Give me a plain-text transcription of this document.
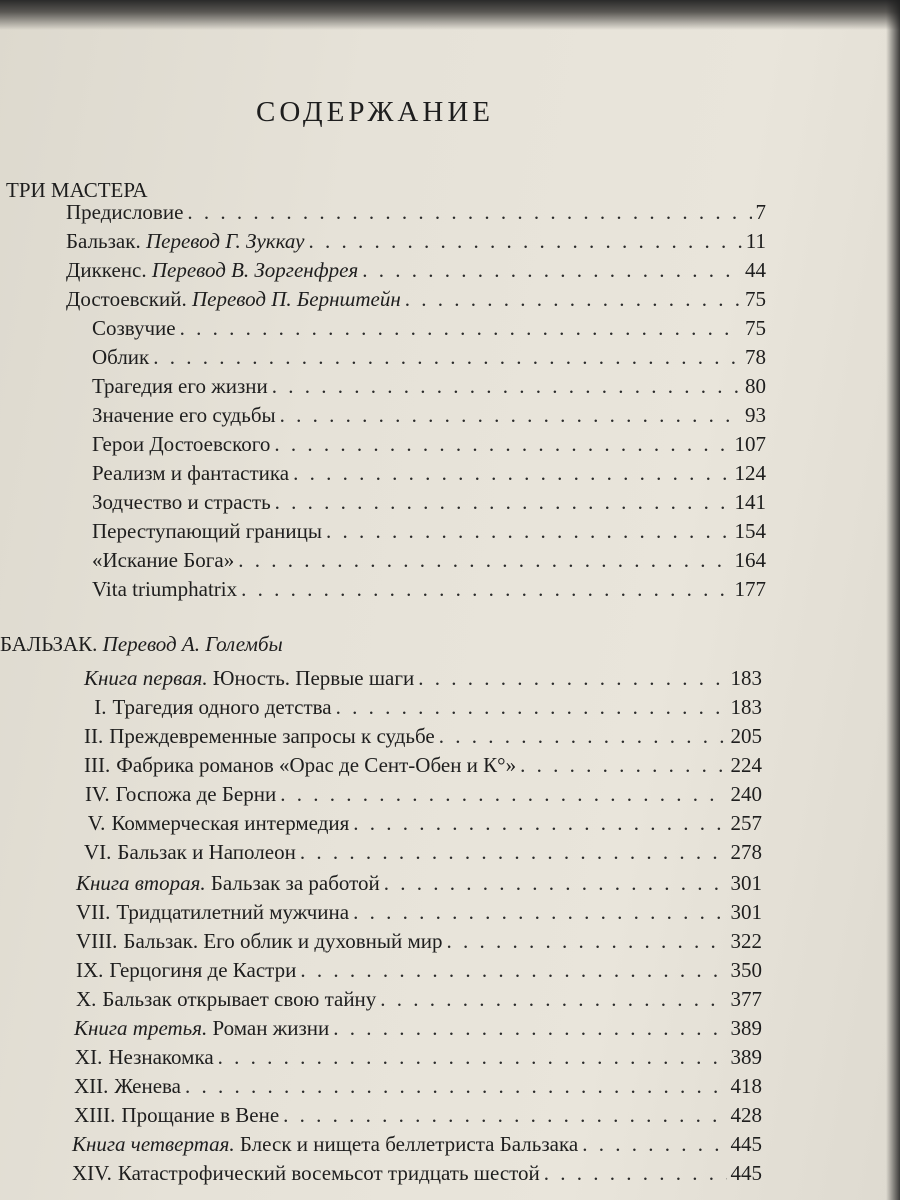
СОДЕРЖАНИЕ
ТРИ МАСТЕРА
БАЛЬЗАК. Перевод А. Голембы
Предисловие . . .	7
Бальзак. Перевод Г. Зуккау . . .	11
Диккенс. Перевод В. Зоргенфрея . . .	44
Достоевский. Перевод П. Бернштейн . . .	75
Созвучие . . .	75
Облик . . .	78
Трагедия его жизни . . .	80
Значение его судьбы . . .	93
Герои Достоевского . . .	107
Реализм и фантастика . . .	124
Зодчество и страсть . . .	141
Переступающий границы . . .	154
«Искание Бога» . . .	164
Vita triumphatrix . . .	177
Книга первая. Юность. Первые шаги . . .	183
I. Трагедия одного детства . . .	183
II. Преждевременные запросы к судьбе . . .	205
III. Фабрика романов «Орас де Сент-Обен и К°» . . .	224
IV. Госпожа де Берни . . .	240
V. Коммерческая интермедия . . .	257
VI. Бальзак и Наполеон . . .	278
Книга вторая. Бальзак за работой . . .	301
VII. Тридцатилетний мужчина . . .	301
VIII. Бальзак. Его облик и духовный мир . . .	322
IX. Герцогиня де Кастри . . .	350
X. Бальзак открывает свою тайну . . .	377
Книга третья. Роман жизни . . .	389
XI. Незнакомка . . .	389
XII. Женева . . .	418
XIII. Прощание в Вене . . .	428
Книга четвертая. Блеск и нищета беллетриста Бальзака . . .	445
XIV. Катастрофический восемьсот тридцать шестой . . .	445
